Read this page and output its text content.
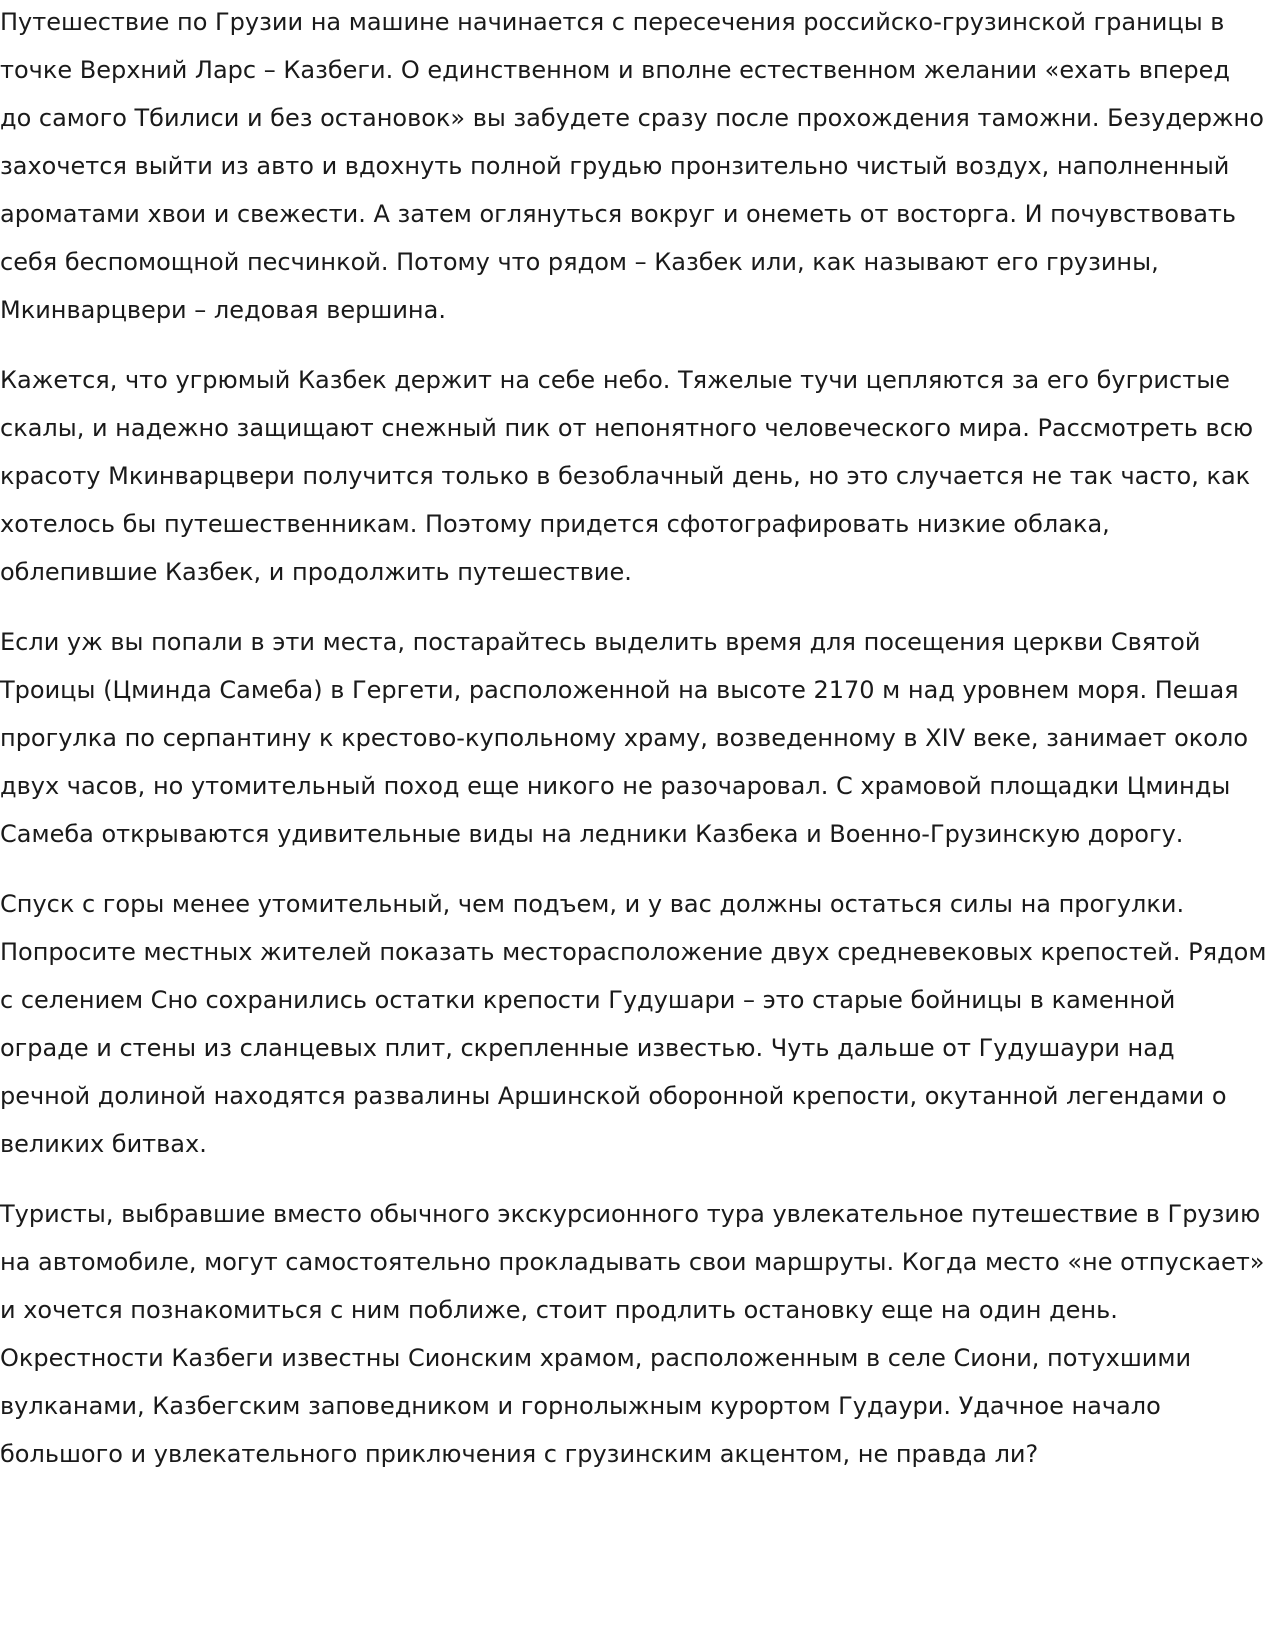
Путешествие по Грузии на машине начинается с пересечения российско-грузинской границы в точке Верхний Ларс – Казбеги. О единственном и вполне естественном желании «ехать вперед до самого Тбилиси и без остановок» вы забудете сразу после прохождения таможни. Безудержно захочется выйти из авто и вдохнуть полной грудью пронзительно чистый воздух, наполненный ароматами хвои и свежести. А затем оглянуться вокруг и онеметь от восторга. И почувствовать себя беспомощной песчинкой. Потому что рядом – Казбек или, как называют его грузины, Мкинварцвери – ледовая вершина.

Кажется, что угрюмый Казбек держит на себе небо. Тяжелые тучи цепляются за его бугристые скалы, и надежно защищают снежный пик от непонятного человеческого мира. Рассмотреть всю красоту Мкинварцвери получится только в безоблачный день, но это случается не так часто, как хотелось бы путешественникам. Поэтому придется сфотографировать низкие облака, облепившие Казбек, и продолжить путешествие.

Если уж вы попали в эти места, постарайтесь выделить время для посещения церкви Святой Троицы (Цминда Самеба) в Гергети, расположенной на высоте 2170 м над уровнем моря. Пешая прогулка по серпантину к крестово-купольному храму, возведенному в XIV веке, занимает около двух часов, но утомительный поход еще никого не разочаровал. С храмовой площадки Цминды Самеба открываются удивительные виды на ледники Казбека и Военно-Грузинскую дорогу.

Спуск с горы менее утомительный, чем подъем, и у вас должны остаться силы на прогулки. Попросите местных жителей показать месторасположение двух средневековых крепостей. Рядом с селением Сно сохранились остатки крепости Гудушари – это старые бойницы в каменной ограде и стены из сланцевых плит, скрепленные известью. Чуть дальше от Гудушаури над речной долиной находятся развалины Аршинской оборонной крепости, окутанной легендами о великих битвах.

Туристы, выбравшие вместо обычного экскурсионного тура увлекательное путешествие в Грузию на автомобиле, могут самостоятельно прокладывать свои маршруты. Когда место «не отпускает» и хочется познакомиться с ним поближе, стоит продлить остановку еще на один день. Окрестности Казбеги известны Сионским храмом, расположенным в селе Сиони, потухшими вулканами, Казбегским заповедником и горнолыжным курортом Гудаури. Удачное начало большого и увлекательного приключения с грузинским акцентом, не правда ли?
